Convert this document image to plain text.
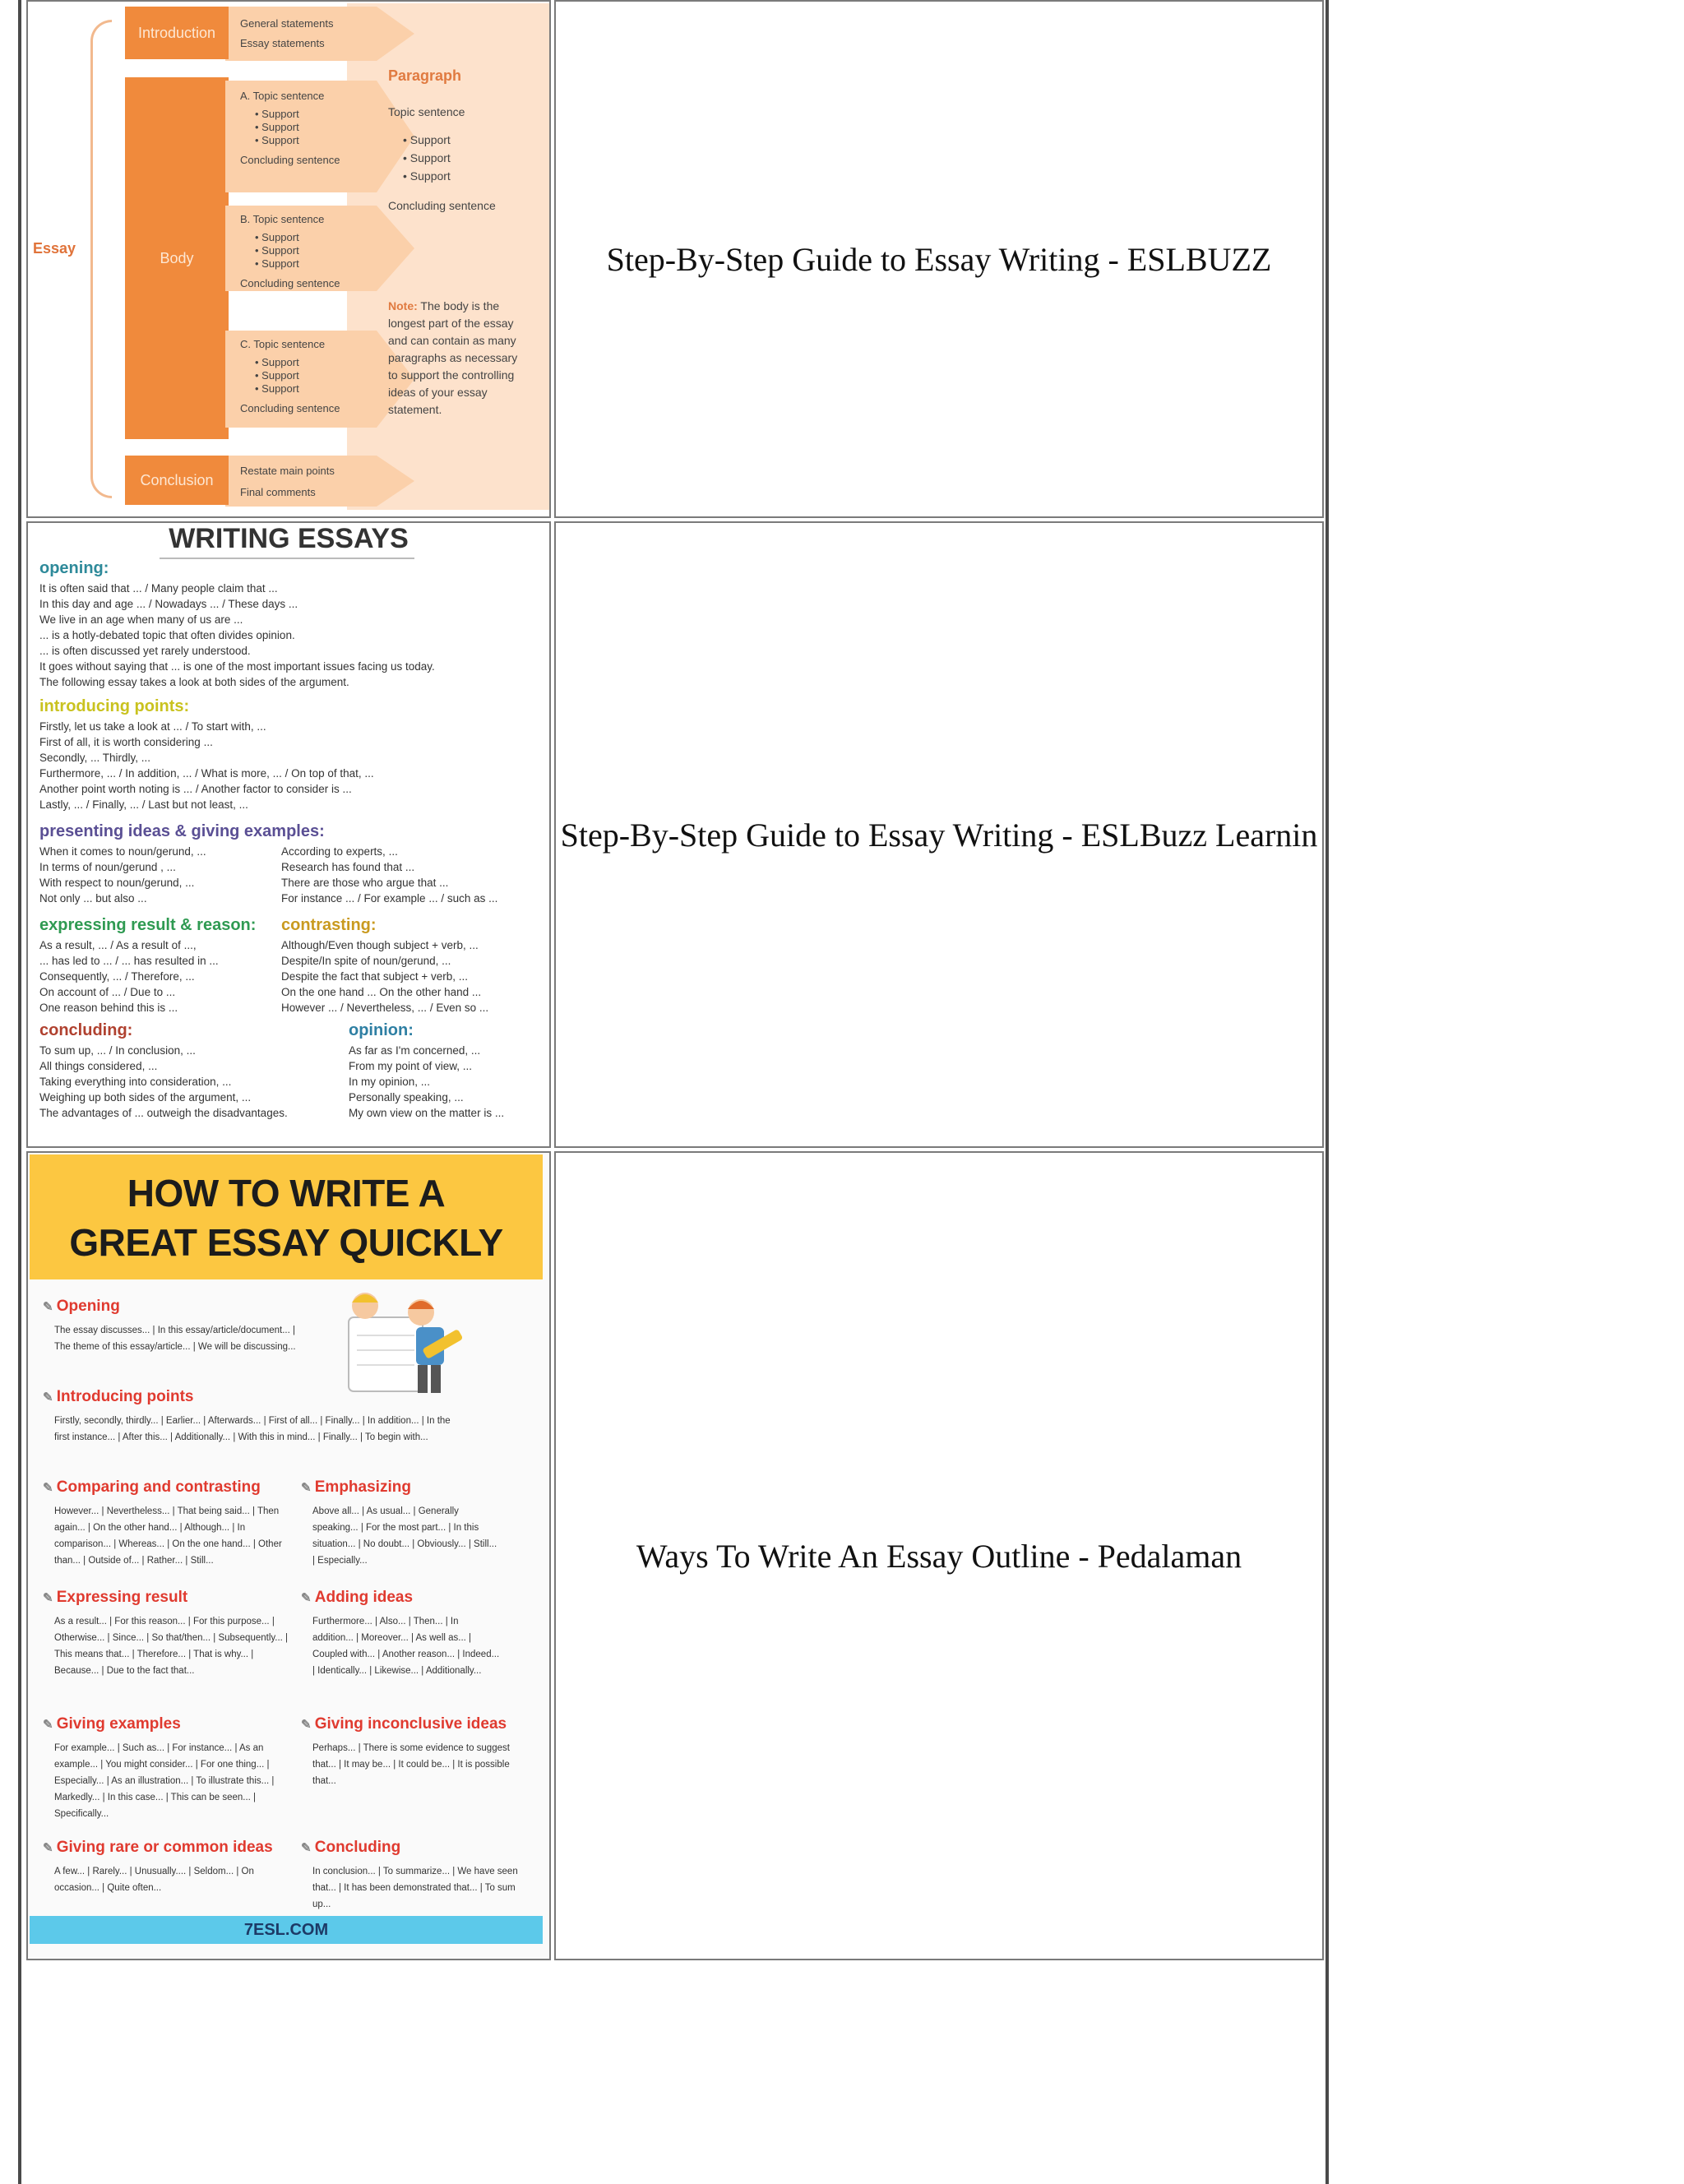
Essay
Introduction
General statements
Essay statements
Body
A. Topic sentence
• Support
• Support
• Support
Concluding sentence
B. Topic sentence
• Support
• Support
• Support
Concluding sentence
C. Topic sentence
• Support
• Support
• Support
Concluding sentence
Conclusion
Restate main points
Final comments
Paragraph
Topic sentence
• Support
• Support
• Support
Concluding sentence
Note: The body is the longest part of the essay and can contain as many paragraphs as necessary to support the controlling ideas of your essay statement.
Step-By-Step Guide to Essay Writing - ESLBUZZ
WRITING ESSAYS
opening:
It is often said that ... / Many people claim that ...
In this day and age ... / Nowadays ... / These days ...
We live in an age when many of us are ...
... is a hotly-debated topic that often divides opinion.
... is often discussed yet rarely understood.
It goes without saying that ... is one of the most important issues facing us today.
The following essay takes a look at both sides of the argument.
introducing points:
Firstly, let us take a look at ... / To start with, ...
First of all, it is worth considering ...
Secondly, ... Thirdly, ...
Furthermore, ... / In addition, ... / What is more, ... / On top of that, ...
Another point worth noting is ... / Another factor to consider is ...
Lastly, ... / Finally, ... / Last but not least, ...
presenting ideas & giving examples:
When it comes to noun/gerund, ...
In terms of noun/gerund , ...
With respect to noun/gerund, ...
Not only ... but also ...
According to experts, ...
Research has found that ...
There are those who argue that ...
For instance ... / For example ... / such as ...
expressing result & reason:
As a result, ... / As a result of ...,
... has led to ... / ... has resulted in ...
Consequently, ... / Therefore, ...
On account of ... / Due to ...
One reason behind this is ...
contrasting:
Although/Even though subject + verb, ...
Despite/In spite of noun/gerund, ...
Despite the fact that subject + verb, ...
On the one hand ... On the other hand ...
However ... / Nevertheless, ... / Even so ...
concluding:
To sum up, ... / In conclusion, ...
All things considered, ...
Taking everything into consideration, ...
Weighing up both sides of the argument, ...
The advantages of ... outweigh the disadvantages.
opinion:
As far as I'm concerned, ...
From my point of view, ...
In my opinion, ...
Personally speaking, ...
My own view on the matter is ...
Step-By-Step Guide to Essay Writing - ESLBuzz Learnin
HOW TO WRITE A
GREAT ESSAY QUICKLY
✎ Opening
The essay discusses... | In this essay/article/document... | The theme of this essay/article... | We will be discussing...
✎ Introducing points
Firstly, secondly, thirdly... | Earlier... | Afterwards... | First of all... | Finally... | In addition... | In the first instance... | After this... | Additionally... | With this in mind... | Finally... | To begin with...
✎ Comparing and contrasting
However... | Nevertheless... | That being said... | Then again... | On the other hand... | Although... | In comparison... | Whereas... | On the one hand... | Other than... | Outside of... | Rather... | Still...
✎ Emphasizing
Above all... | As usual... | Generally speaking... | For the most part... | In this situation... | No doubt... | Obviously... | Still... | Especially...
✎ Expressing result
As a result... | For this reason... | For this purpose... | Otherwise... | Since... | So that/then... | Subsequently... | This means that... | Therefore... | That is why... | Because... | Due to the fact that...
✎ Adding ideas
Furthermore... | Also... | Then... | In addition... | Moreover... | As well as... | Coupled with... | Another reason... | Indeed... | Identically... | Likewise... | Additionally...
✎ Giving examples
For example... | Such as... | For instance... | As an example... | You might consider... | For one thing... | Especially... | As an illustration... | To illustrate this... | Markedly... | In this case... | This can be seen... | Specifically...
✎ Giving inconclusive ideas
Perhaps... | There is some evidence to suggest that... | It may be... | It could be... | It is possible that...
✎ Giving rare or common ideas
A few... | Rarely... | Unusually.... | Seldom... | On occasion... | Quite often...
✎ Concluding
In conclusion... | To summarize... | We have seen that... | It has been demonstrated that... | To sum up...
7ESL.COM
Ways To Write An Essay Outline - Pedalaman
